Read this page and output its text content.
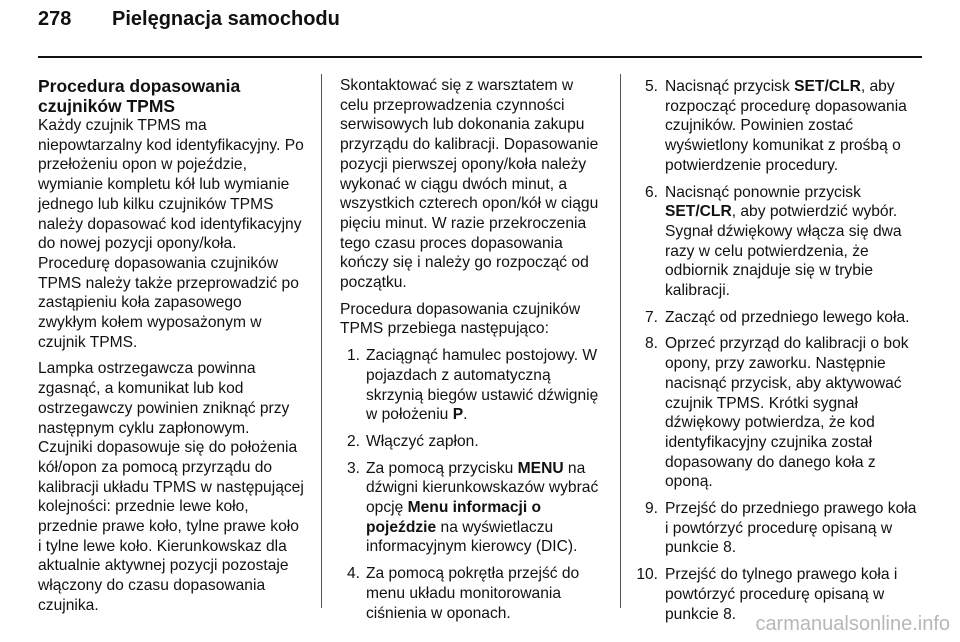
278 Pielęgnacja samochodu
Procedura dopasowania czujników TPMS

Każdy czujnik TPMS ma niepowtarzalny kod identyfikacyjny. Po przełożeniu opon w pojeździe, wymianie kompletu kół lub wymianie jednego lub kilku czujników TPMS należy dopasować kod identyfikacyjny do nowej pozycji opony/koła. Procedurę dopasowania czujników TPMS należy także przeprowadzić po zastąpieniu koła zapasowego zwykłym kołem wyposażonym w czujnik TPMS.

Lampka ostrzegawcza powinna zgasnąć, a komunikat lub kod ostrzegawczy powinien zniknąć przy następnym cyklu zapłonowym. Czujniki dopasowuje się do położenia kół/opon za pomocą przyrządu do kalibracji układu TPMS w następującej kolejności: przednie lewe koło, przednie prawe koło, tylne prawe koło i tylne lewe koło. Kierunkowskaz dla aktualnie aktywnej pozycji pozostaje włączony do czasu dopasowania czujnika.

Skontaktować się z warsztatem w celu przeprowadzenia czynności serwisowych lub dokonania zakupu przyrządu do kalibracji. Dopasowanie pozycji pierwszej opony/koła należy wykonać w ciągu dwóch minut, a wszystkich czterech opon/kół w ciągu pięciu minut. W razie przekroczenia tego czasu proces dopasowania kończy się i należy go rozpocząć od początku.

Procedura dopasowania czujników TPMS przebiega następująco:

1. Zaciągnąć hamulec postojowy. W pojazdach z automatyczną skrzynią biegów ustawić dźwignię w położeniu P.
2. Włączyć zapłon.
3. Za pomocą przycisku MENU na dźwigni kierunkowskazów wybrać opcję Menu informacji o pojeździe na wyświetlaczu informacyjnym kierowcy (DIC).
4. Za pomocą pokrętła przejść do menu układu monitorowania ciśnienia w oponach.
5. Nacisnąć przycisk SET/CLR, aby rozpocząć procedurę dopasowania czujników. Powinien zostać wyświetlony komunikat z prośbą o potwierdzenie procedury.
6. Nacisnąć ponownie przycisk SET/CLR, aby potwierdzić wybór. Sygnał dźwiękowy włącza się dwa razy w celu potwierdzenia, że odbiornik znajduje się w trybie kalibracji.
7. Zacząć od przedniego lewego koła.
8. Oprzeć przyrząd do kalibracji o bok opony, przy zaworku. Następnie nacisnąć przycisk, aby aktywować czujnik TPMS. Krótki sygnał dźwiękowy potwierdza, że kod identyfikacyjny czujnika został dopasowany do danego koła z oponą.
9. Przejść do przedniego prawego koła i powtórzyć procedurę opisaną w punkcie 8.
10. Przejść do tylnego prawego koła i powtórzyć procedurę opisaną w punkcie 8. carmanualsonline.info
